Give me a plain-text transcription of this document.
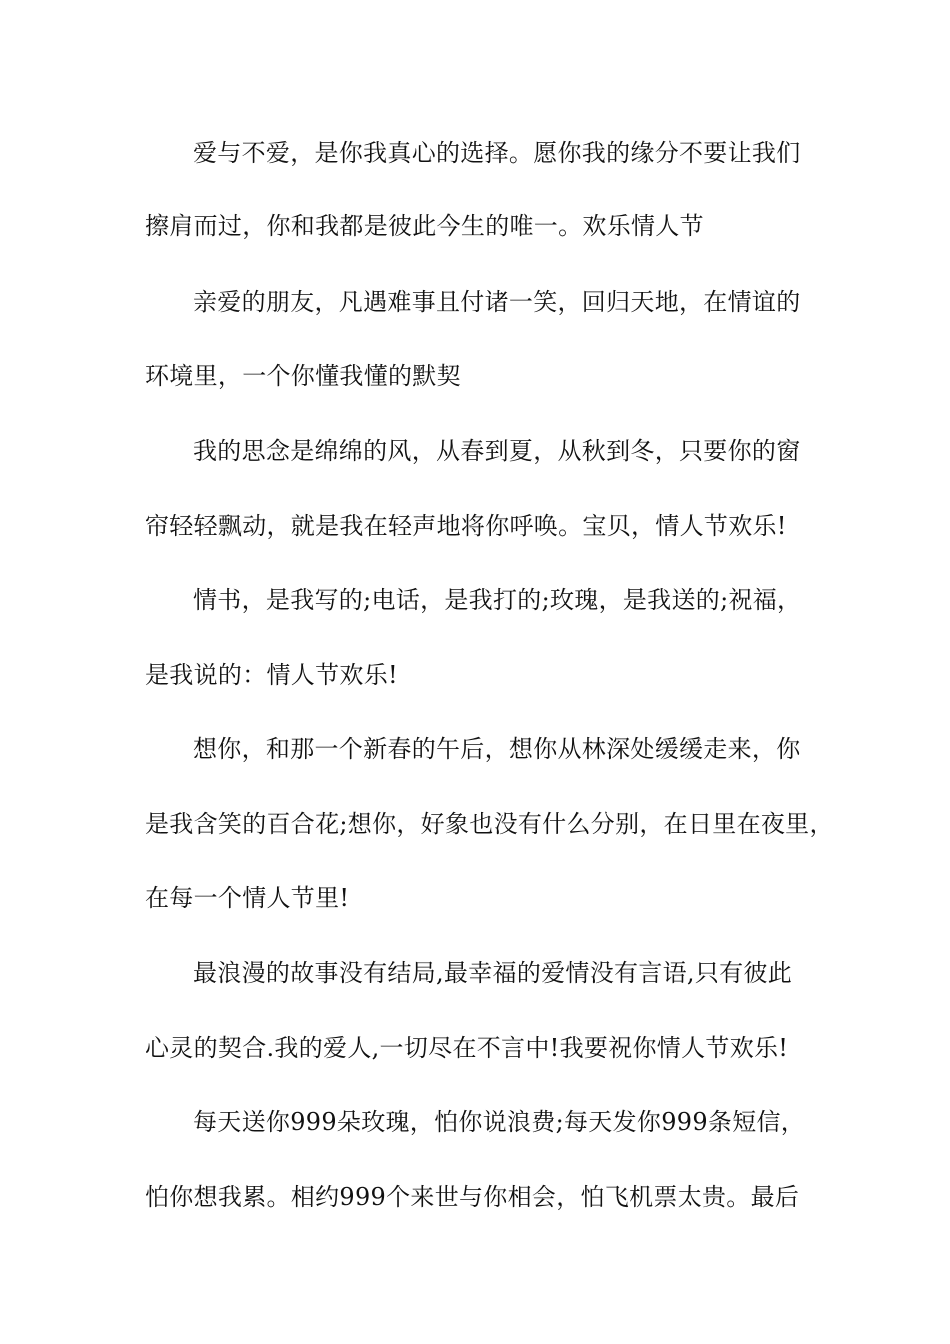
爱与不爱，是你我真心的选择。愿你我的缘分不要让我们
擦肩而过，你和我都是彼此今生的唯一。欢乐情人节
亲爱的朋友，凡遇难事且付诸一笑，回归天地，在情谊的
环境里，一个你懂我懂的默契
我的思念是绵绵的风，从春到夏，从秋到冬，只要你的窗
帘轻轻飘动，就是我在轻声地将你呼唤。宝贝，情人节欢乐!
情书，是我写的;电话，是我打的;玫瑰，是我送的;祝福，
是我说的：情人节欢乐!
想你，和那一个新春的午后，想你从林深处缓缓走来，你
是我含笑的百合花;想你，好象也没有什么分别，在日里在夜里，
在每一个情人节里!
最浪漫的故事没有结局,最幸福的爱情没有言语,只有彼此
心灵的契合.我的爱人,一切尽在不言中!我要祝你情人节欢乐!
每天送你999朵玫瑰，怕你说浪费;每天发你999条短信，
怕你想我累。相约999个来世与你相会，怕飞机票太贵。最后
